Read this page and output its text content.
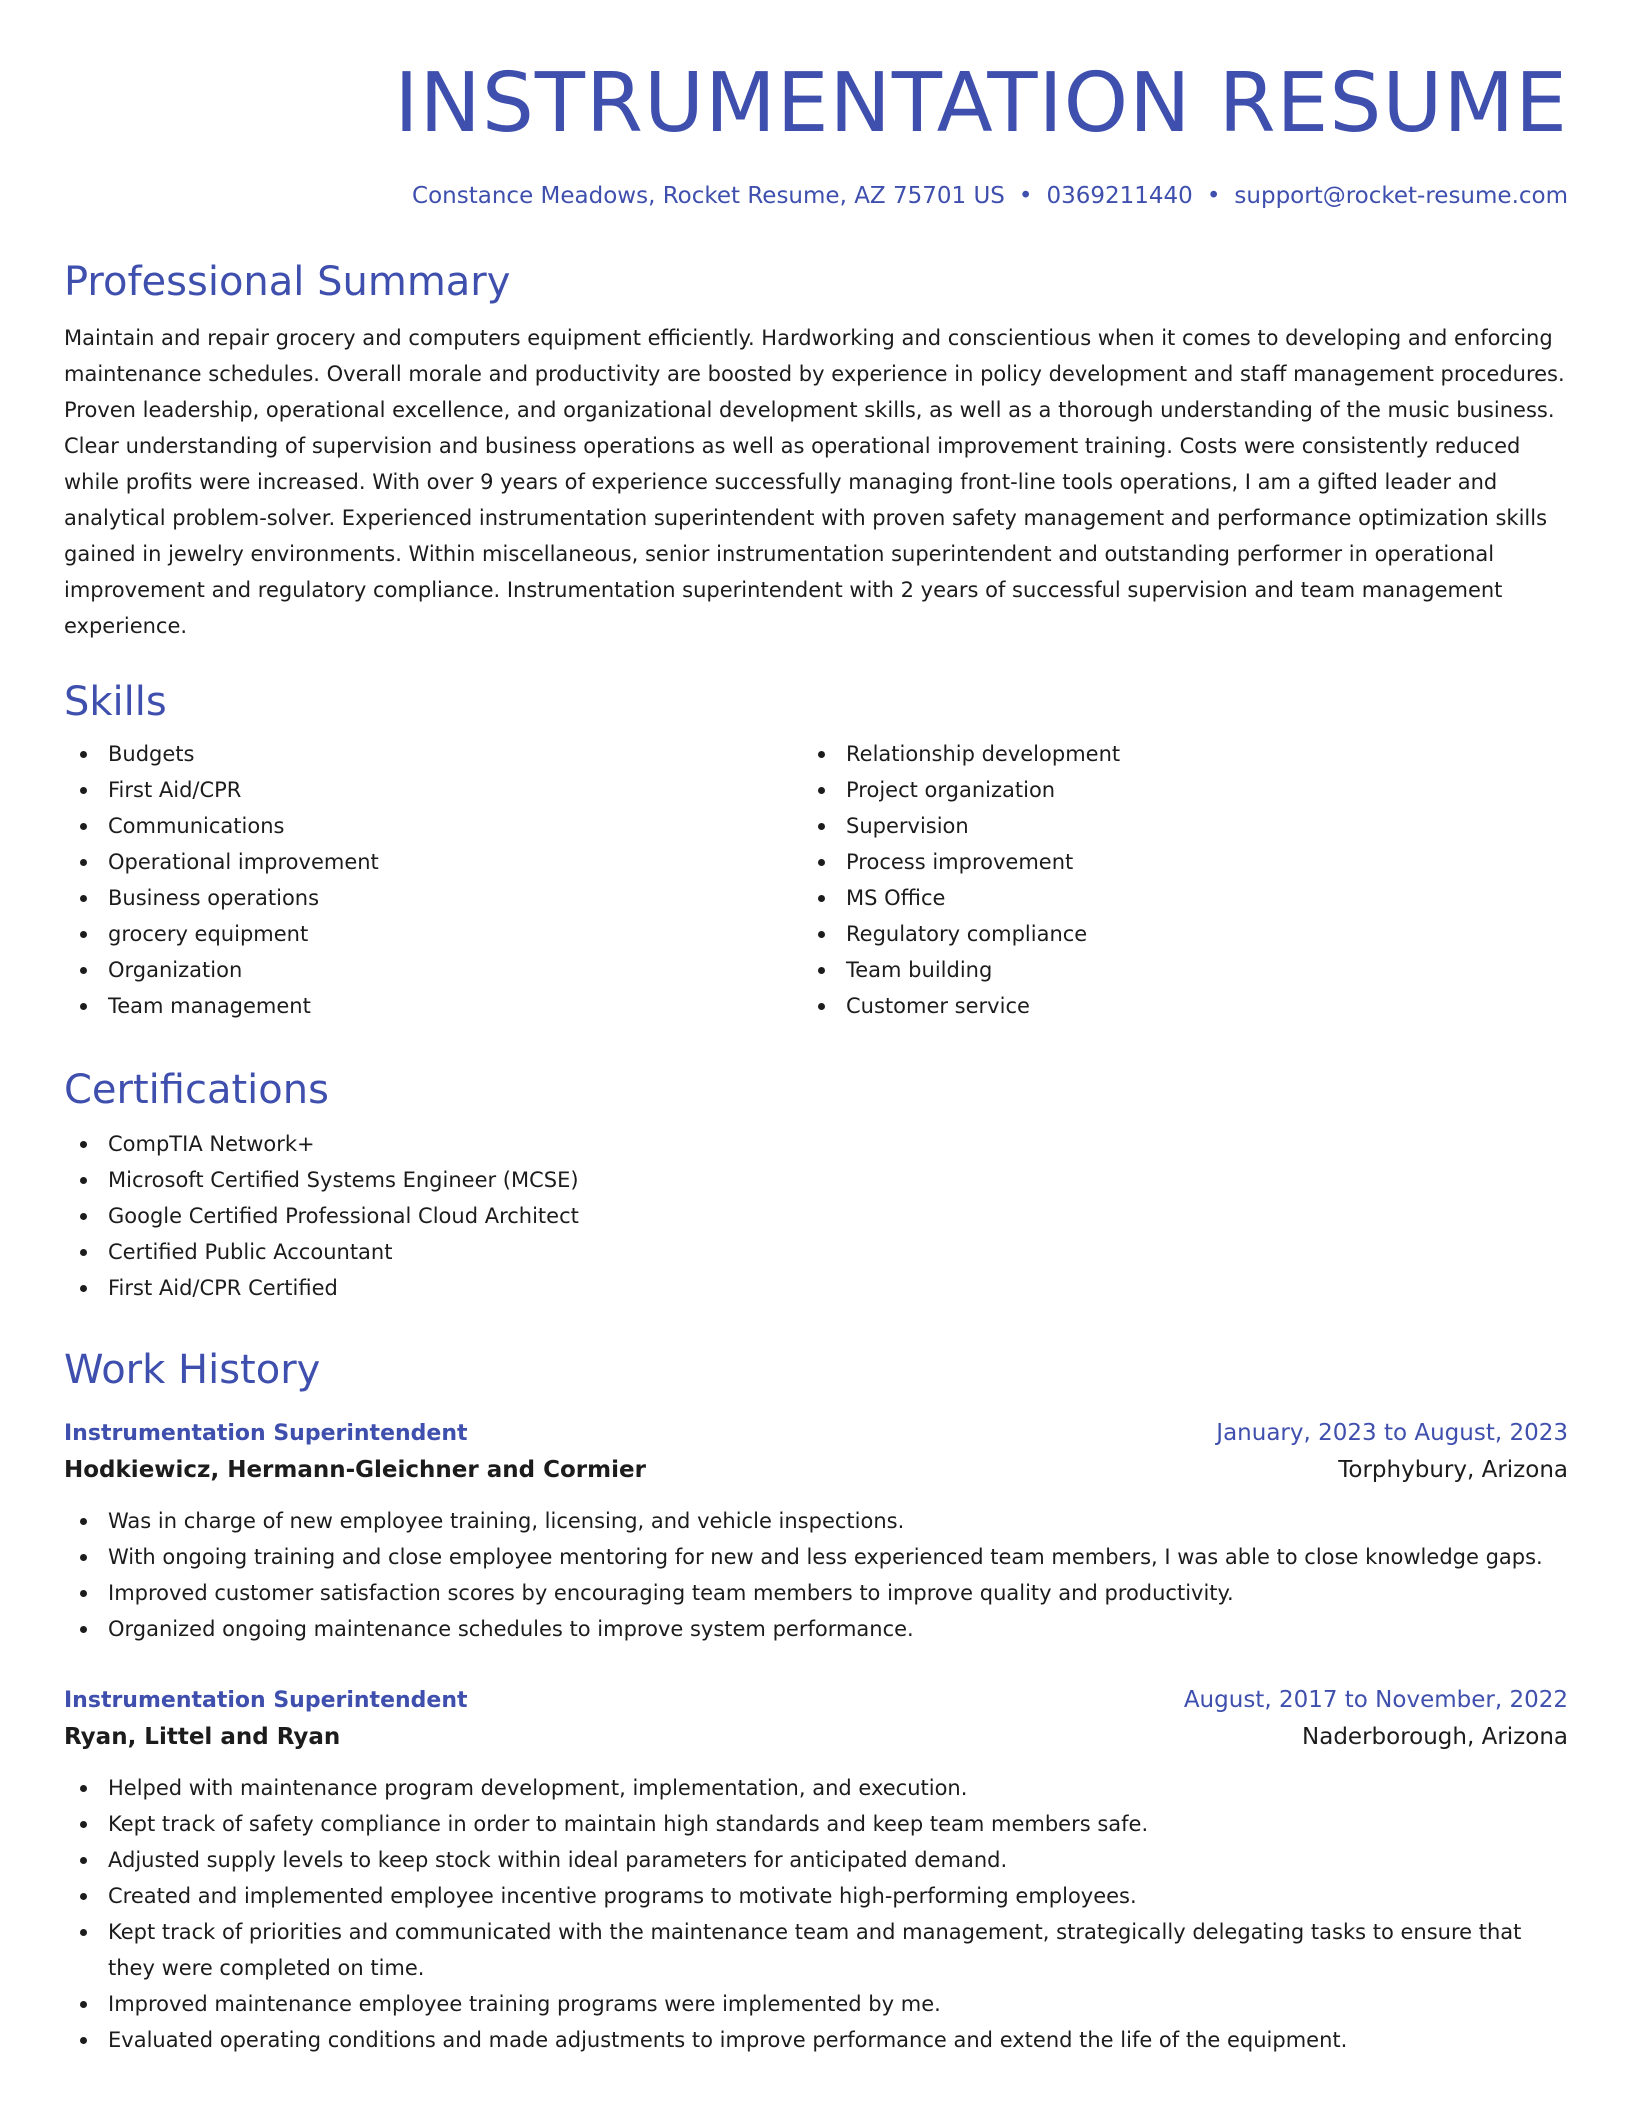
INSTRUMENTATION RESUME
Constance Meadows, Rocket Resume, AZ 75701 US • 0369211440 • support@rocket-resume.com
Professional Summary

Maintain and repair grocery and computers equipment efficiently. Hardworking and conscientious when it comes to developing and enforcing maintenance schedules. Overall morale and productivity are boosted by experience in policy development and staff management procedures. Proven leadership, operational excellence, and organizational development skills, as well as a thorough understanding of the music business. Clear understanding of supervision and business operations as well as operational improvement training. Costs were consistently reduced while profits were increased. With over 9 years of experience successfully managing front-line tools operations, I am a gifted leader and analytical problem-solver. Experienced instrumentation superintendent with proven safety management and performance optimization skills gained in jewelry environments. Within miscellaneous, senior instrumentation superintendent and outstanding performer in operational improvement and regulatory compliance. Instrumentation superintendent with 2 years of successful supervision and team management experience.

Skills
Budgets
First Aid/CPR
Communications
Operational improvement
Business operations
grocery equipment
Organization
Team management
Relationship development
Project organization
Supervision
Process improvement
MS Office
Regulatory compliance
Team building
Customer service
Certifications
CompTIA Network+
Microsoft Certified Systems Engineer (MCSE)
Google Certified Professional Cloud Architect
Certified Public Accountant
First Aid/CPR Certified
Work History
Instrumentation Superintendent	January, 2023 to August, 2023
Hodkiewicz, Hermann-Gleichner and Cormier	Torphybury, Arizona
Was in charge of new employee training, licensing, and vehicle inspections.
With ongoing training and close employee mentoring for new and less experienced team members, I was able to close knowledge gaps.
Improved customer satisfaction scores by encouraging team members to improve quality and productivity.
Organized ongoing maintenance schedules to improve system performance.
Instrumentation Superintendent	August, 2017 to November, 2022
Ryan, Littel and Ryan	Naderborough, Arizona
Helped with maintenance program development, implementation, and execution.
Kept track of safety compliance in order to maintain high standards and keep team members safe.
Adjusted supply levels to keep stock within ideal parameters for anticipated demand.
Created and implemented employee incentive programs to motivate high-performing employees.
Kept track of priorities and communicated with the maintenance team and management, strategically delegating tasks to ensure that they were completed on time.
Improved maintenance employee training programs were implemented by me.
Evaluated operating conditions and made adjustments to improve performance and extend the life of the equipment.
